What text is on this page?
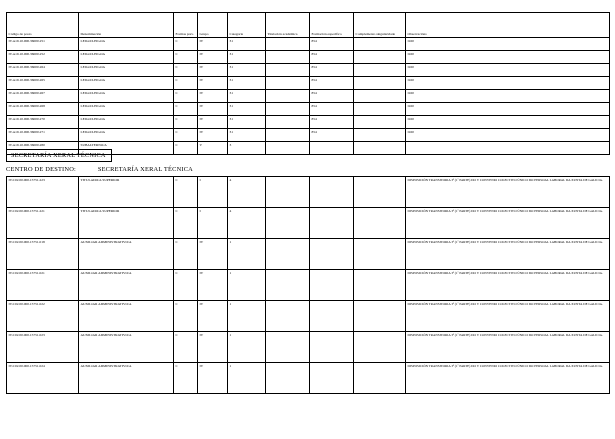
Código de posto	Denominación	Formas prev.	Grupo	Categoría	Titulación académica	Formación específica	Complemento singularidade	Observacións
IV.A19.10.000.36000.251	LEIGO/LEIGOA	C	IV	31		854		I160
IV.A19.10.000.36000.252	LEIGO/LEIGOA	C	IV	31		854		I160
IV.A19.10.000.36000.264	LEIGO/LEIGOA	C	IV	31		854		I160
IV.A19.10.000.36000.265	LEIGO/LEIGOA	C	IV	31		854		I160
IV.A19.10.000.36000.267	LEIGO/LEIGOA	C	IV	31		854		I160
IV.A19.10.000.36000.268	LEIGO/LEIGOA	C	IV	31		854		I160
IV.A19.10.000.36000.270	LEIGO/LEIGOA	C	IV	31		854		I160
IV.A19.10.000.36000.271	LEIGO/LEIGOA	C	IV	31		854		I160
IV.A19.10.000.36000.280	SUBALTERNO/A	C	V	3				
SECRETARÍA XERAL TÉCNICA
CENTRO DE DESTINO:	SECRETARÍA XERAL TÉCNICA
IV.C02.00.000.15751.223	TITULADO/A SUPERIOR	C	I	4				DISPOSICIÓN TRANSITORIA 3ª (1º PARTE) DO V CONVENIO COLECTIVO ÚNICO DO PERSOAL LABORAL DA XUNTA DE GALICIA.
IV.C02.00.000.15751.221	TITULADO/A SUPERIOR	C	I	4				DISPOSICIÓN TRANSITORIA 3ª (1º PARTE) DO V CONVENIO COLECTIVO ÚNICO DO PERSOAL LABORAL DA XUNTA DE GALICIA.
IV.C02.00.000.15751.018	AUXILIAR ADMINISTRATIVO/A	C	IV	1				DISPOSICIÓN TRANSITORIA 3ª (1º PARTE) DO V CONVENIO COLECTIVO ÚNICO DO PERSOAL LABORAL DA XUNTA DE GALICIA.
IV.C02.00.000.15751.021	AUXILIAR ADMINISTRATIVO/A	C	IV	1				DISPOSICIÓN TRANSITORIA 3ª (1º PARTE) DO V CONVENIO COLECTIVO ÚNICO DO PERSOAL LABORAL DA XUNTA DE GALICIA.
IV.C02.00.000.15751.022	AUXILIAR ADMINISTRATIVO/A	C	IV	1				DISPOSICIÓN TRANSITORIA 3ª (1º PARTE) DO V CONVENIO COLECTIVO ÚNICO DO PERSOAL LABORAL DA XUNTA DE GALICIA.
IV.C02.00.000.15751.023	AUXILIAR ADMINISTRATIVO/A	C	IV	1				DISPOSICIÓN TRANSITORIA 3ª (1º PARTE) DO V CONVENIO COLECTIVO ÚNICO DO PERSOAL LABORAL DA XUNTA DE GALICIA.
IV.C02.00.000.15751.024	AUXILIAR ADMINISTRATIVO/A	C	IV	1				DISPOSICIÓN TRANSITORIA 3ª (1º PARTE) DO V CONVENIO COLECTIVO ÚNICO DO PERSOAL LABORAL DA XUNTA DE GALICIA.
